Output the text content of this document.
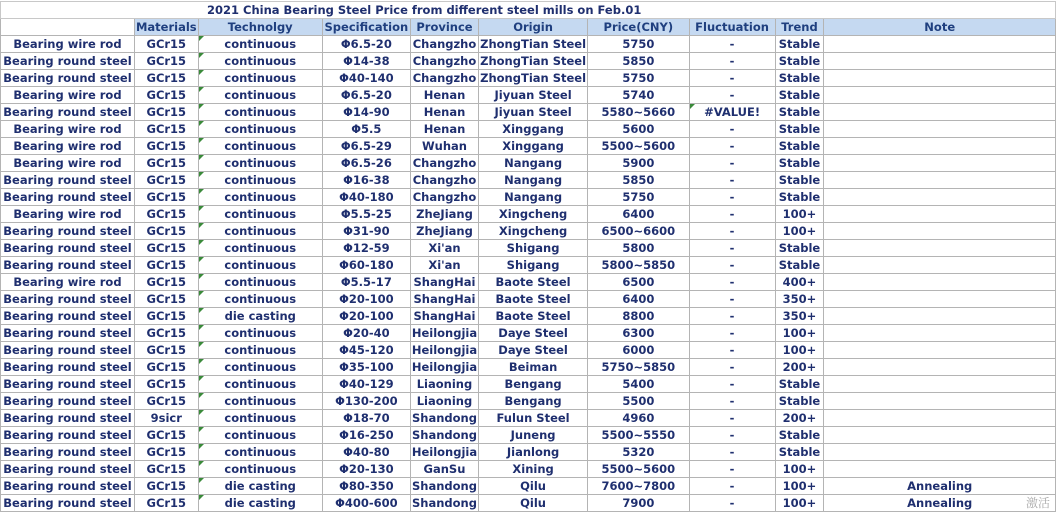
2021 China Bearing Steel Price from different steel mills on Feb.01									
	Materials	Technolgy	Specification	Province	Origin	Price(CNY)	Fluctuation	Trend	Note
Bearing wire rod	GCr15	continuous	Φ6.5-20	Changzho	ZhongTian Steel	5750	-	Stable	
Bearing round steel	GCr15	continuous	Φ14-38	Changzho	ZhongTian Steel	5850	-	Stable	
Bearing round steel	GCr15	continuous	Φ40-140	Changzho	ZhongTian Steel	5750	-	Stable	
Bearing wire rod	GCr15	continuous	Φ6.5-20	Henan	Jiyuan Steel	5740	-	Stable	
Bearing round steel	GCr15	continuous	Φ14-90	Henan	Jiyuan Steel	5580~5660	#VALUE!	Stable	
Bearing wire rod	GCr15	continuous	Φ5.5	Henan	Xinggang	5600	-	Stable	
Bearing wire rod	GCr15	continuous	Φ6.5-29	Wuhan	Xinggang	5500~5600	-	Stable	
Bearing wire rod	GCr15	continuous	Φ6.5-26	Changzho	Nangang	5900	-	Stable	
Bearing round steel	GCr15	continuous	Φ16-38	Changzho	Nangang	5850	-	Stable	
Bearing round steel	GCr15	continuous	Φ40-180	Changzho	Nangang	5750	-	Stable	
Bearing wire rod	GCr15	continuous	Φ5.5-25	ZheJiang	Xingcheng	6400	-	100+	
Bearing round steel	GCr15	continuous	Φ31-90	ZheJiang	Xingcheng	6500~6600	-	100+	
Bearing round steel	GCr15	continuous	Φ12-59	Xi'an	Shigang	5800	-	Stable	
Bearing round steel	GCr15	continuous	Φ60-180	Xi'an	Shigang	5800~5850	-	Stable	
Bearing wire rod	GCr15	continuous	Φ5.5-17	ShangHai	Baote Steel	6500	-	400+	
Bearing round steel	GCr15	continuous	Φ20-100	ShangHai	Baote Steel	6400	-	350+	
Bearing round steel	GCr15	die casting	Φ20-100	ShangHai	Baote Steel	8800	-	350+	
Bearing round steel	GCr15	continuous	Φ20-40	Heilongjia	Daye Steel	6300	-	100+	
Bearing round steel	GCr15	continuous	Φ45-120	Heilongjia	Daye Steel	6000	-	100+	
Bearing round steel	GCr15	continuous	Φ35-100	Heilongjia	Beiman	5750~5850	-	200+	
Bearing round steel	GCr15	continuous	Φ40-129	Liaoning	Bengang	5400	-	Stable	
Bearing round steel	GCr15	continuous	Φ130-200	Liaoning	Bengang	5500	-	Stable	
Bearing round steel	9sicr	continuous	Φ18-70	Shandong	Fulun Steel	4960	-	200+	
Bearing round steel	GCr15	continuous	Φ16-250	Shandong	Juneng	5500~5550	-	Stable	
Bearing round steel	GCr15	continuous	Φ40-80	Heilongjia	Jianlong	5320	-	Stable	
Bearing round steel	GCr15	continuous	Φ20-130	GanSu	Xining	5500~5600	-	100+	
Bearing round steel	GCr15	die casting	Φ80-350	Shandong	Qilu	7600~7800	-	100+	Annealing
Bearing round steel	GCr15	die casting	Φ400-600	Shandong	Qilu	7900	-	100+	Annealing	激活
